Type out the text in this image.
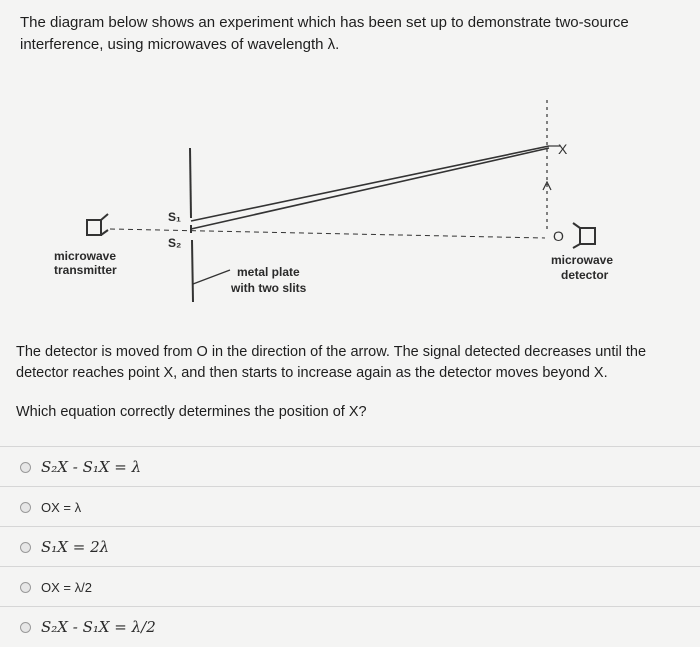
The diagram below shows an experiment which has been set up to demonstrate two-source interference, using microwaves of wavelength λ.
S₁
S₂
X
O
microwave
transmitter	metal plate
with two slits
microwave
detector
The detector is moved from O in the direction of the arrow. The signal detected decreases until the detector reaches point X, and then starts to increase again as the detector moves beyond X.
Which equation correctly determines the position of X?
S₂X - S₁X = λ
OX = λ
S₁X = 2λ
OX = λ/2
S₂X - S₁X = λ/2
